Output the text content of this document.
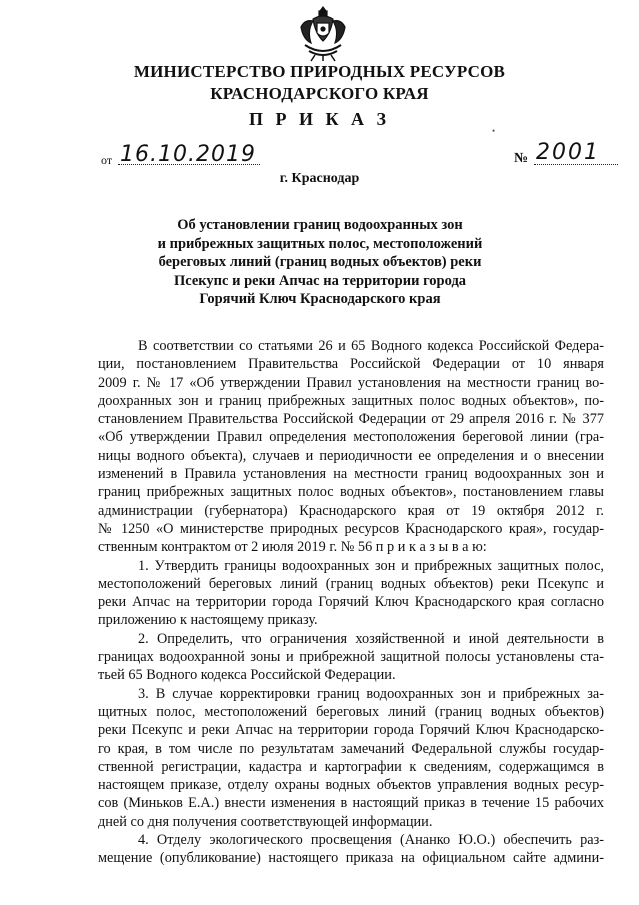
МИНИСТЕРСТВО ПРИРОДНЫХ РЕСУРСОВ
КРАСНОДАРСКОГО КРАЯ
П Р И К А З
•
от 16.10.2019	№ 2001
г. Краснодар
Об установлении границ водоохранных зон
и прибрежных защитных полос, местоположений
береговых линий (границ водных объектов) реки
Псекупс и реки Апчас на территории города
Горячий Ключ Краснодарского края
В соответствии со статьями 26 и 65 Водного кодекса Российской Федера-
ции, постановлением Правительства Российской Федерации от 10 января
2009 г. № 17 «Об утверждении Правил установления на местности границ во-
доохранных зон и границ прибрежных защитных полос водных объектов», по-
становлением Правительства Российской Федерации от 29 апреля 2016 г. № 377
«Об утверждении Правил определения местоположения береговой линии (гра-
ницы водного объекта), случаев и периодичности ее определения и о внесении
изменений в Правила установления на местности границ водоохранных зон и
границ прибрежных защитных полос водных объектов», постановлением главы
администрации (губернатора) Краснодарского края от 19 октября 2012 г.
№ 1250 «О министерстве природных ресурсов Краснодарского края», государ-
ственным контрактом от 2 июля 2019 г. № 56 п р и к а з ы в а ю:
1. Утвердить границы водоохранных зон и прибрежных защитных полос,
местоположений береговых линий (границ водных объектов) реки Псекупс и
реки Апчас на территории города Горячий Ключ Краснодарского края согласно
приложению к настоящему приказу.
2. Определить, что ограничения хозяйственной и иной деятельности в
границах водоохранной зоны и прибрежной защитной полосы установлены ста-
тьей 65 Водного кодекса Российской Федерации.
3. В случае корректировки границ водоохранных зон и прибрежных за-
щитных полос, местоположений береговых линий (границ водных объектов)
реки Псекупс и реки Апчас на территории города Горячий Ключ Краснодарско-
го края, в том числе по результатам замечаний Федеральной службы государ-
ственной регистрации, кадастра и картографии к сведениям, содержащимся в
настоящем приказе, отделу охраны водных объектов управления водных ресур-
сов (Миньков Е.А.) внести изменения в настоящий приказ в течение 15 рабочих
дней со дня получения соответствующей информации.
4. Отделу экологического просвещения (Ананко Ю.О.) обеспечить раз-
мещение (опубликование) настоящего приказа на официальном сайте админи-
